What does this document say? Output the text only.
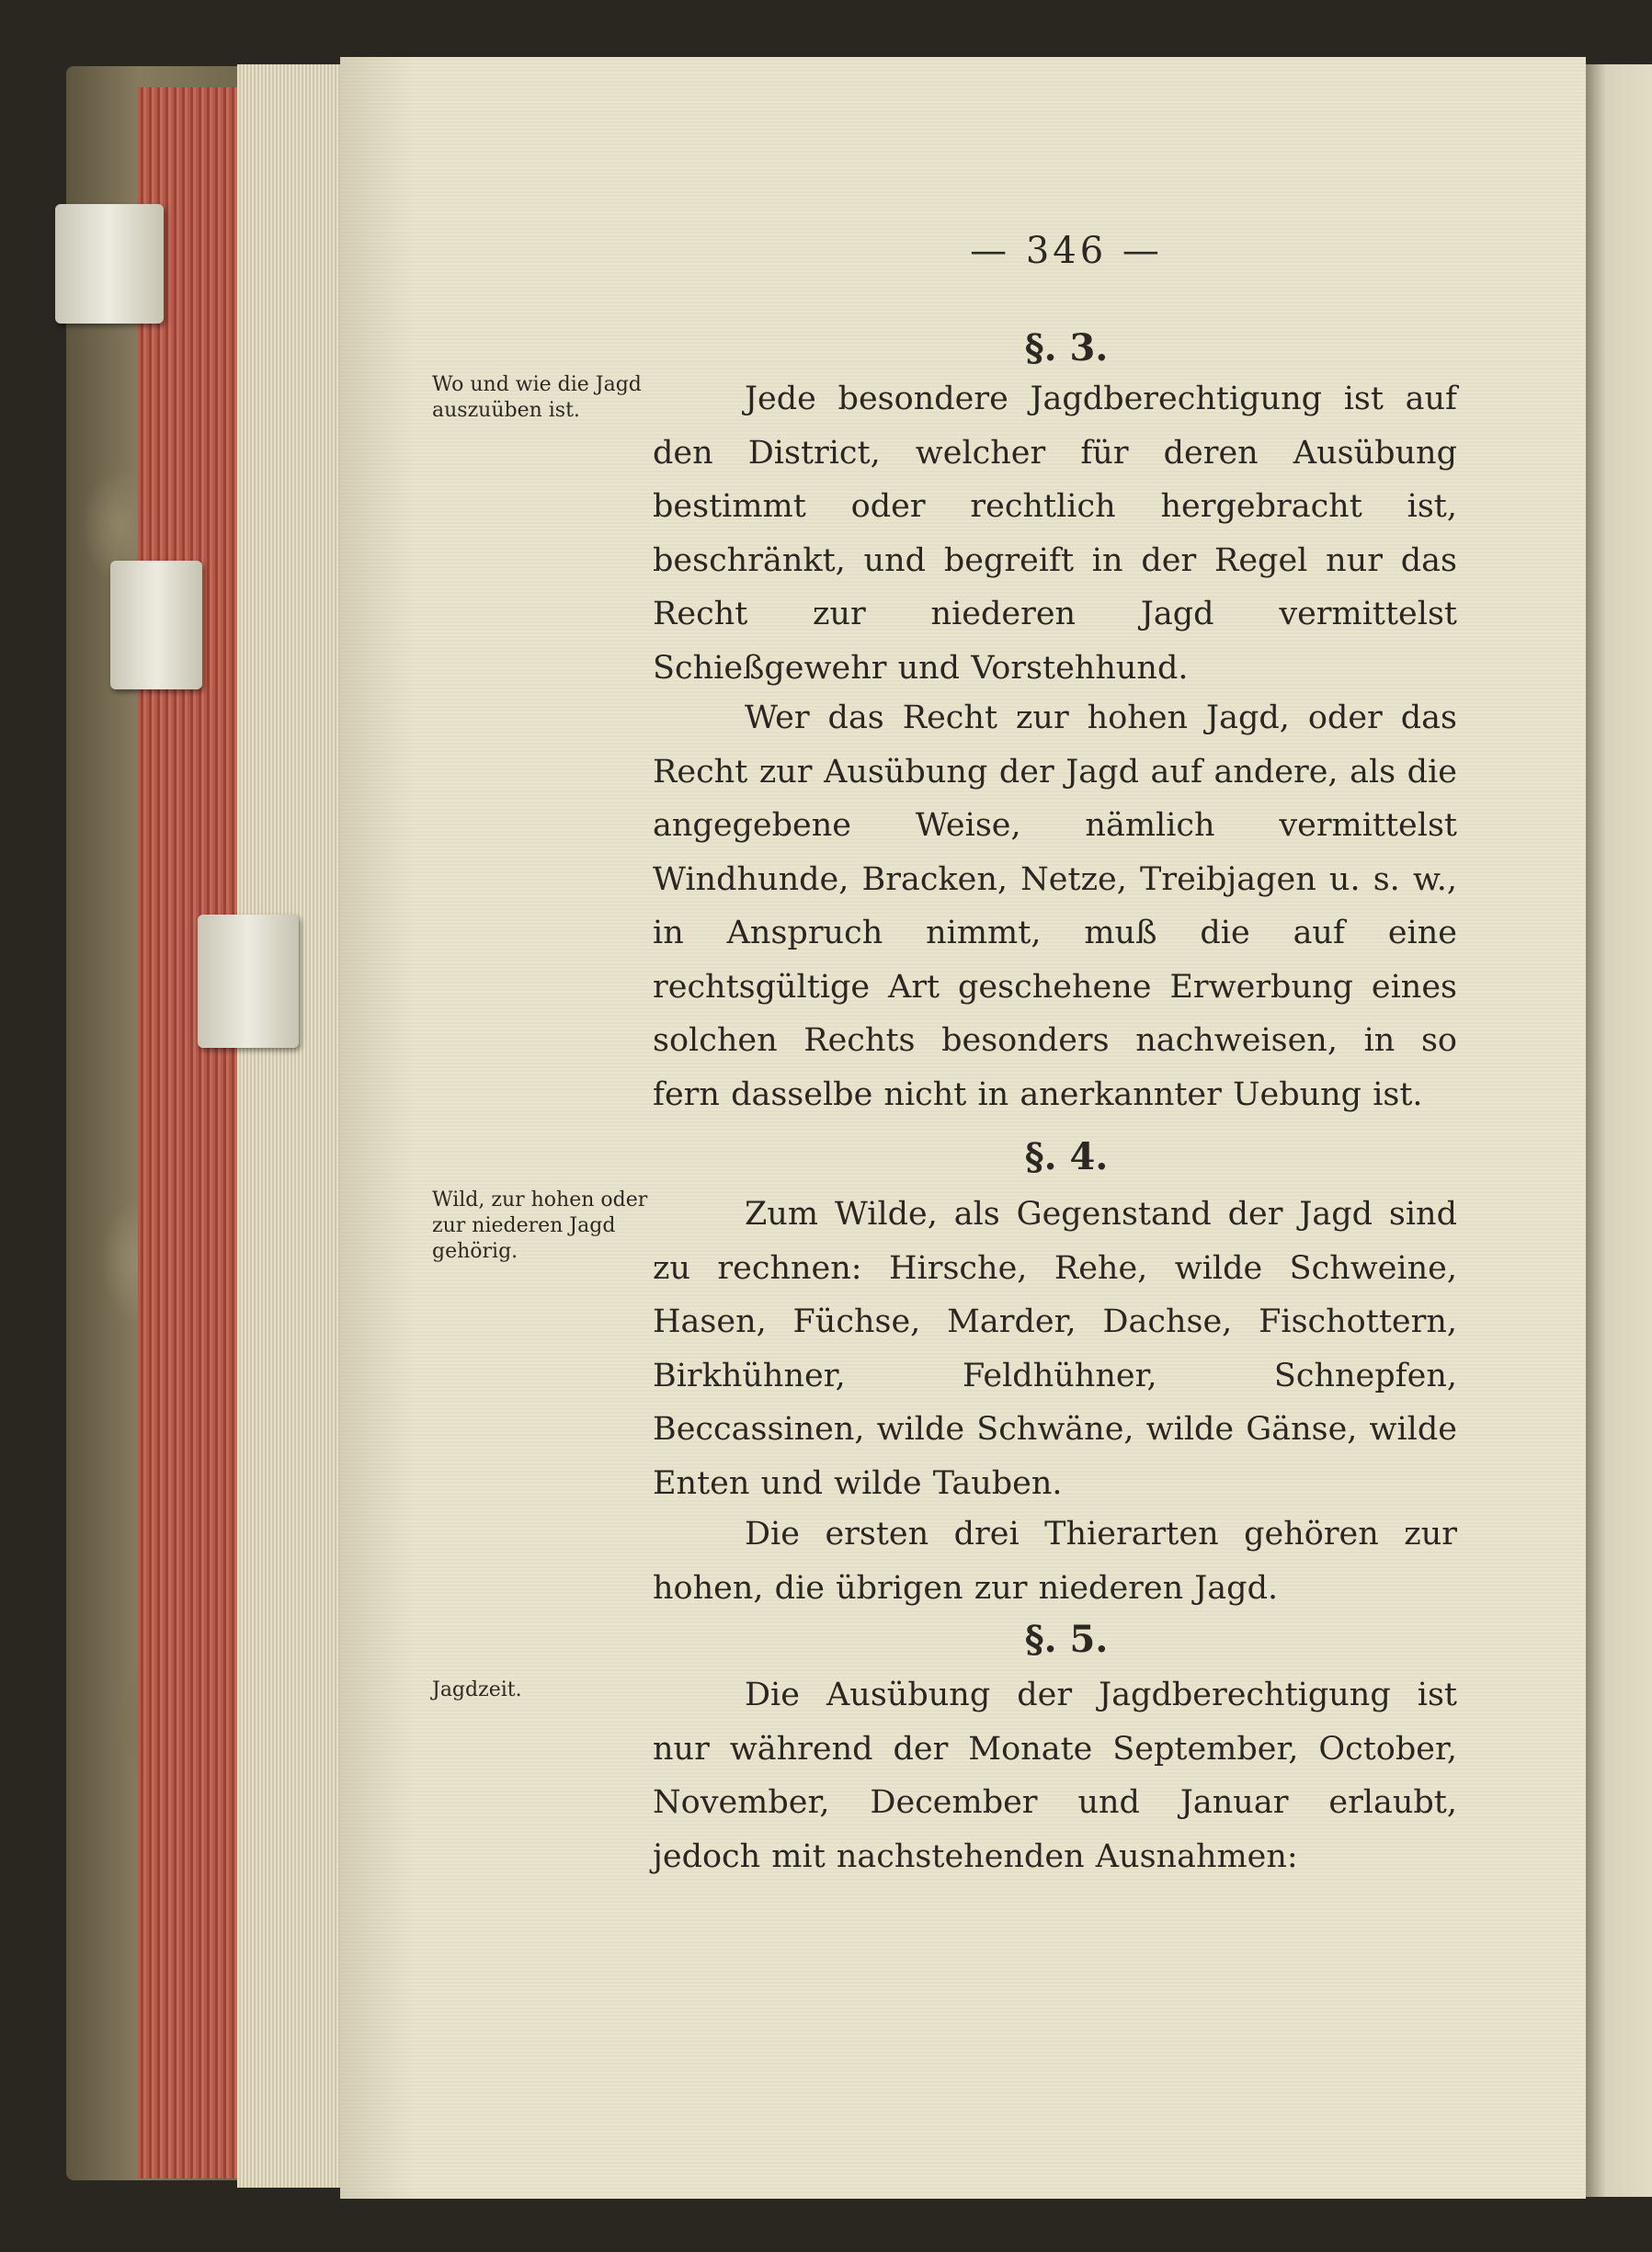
— 346 —
§. 3.
Wo und wie die Jagd auszuüben ist.	Jede besondere Jagdberechtigung ist auf den District, welcher für deren Ausübung bestimmt oder rechtlich hergebracht ist, beschränkt, und begreift in der Regel nur das Recht zur niederen Jagd vermittelst Schießgewehr und Vorstehhund.

Wer das Recht zur hohen Jagd, oder das Recht zur Ausübung der Jagd auf andere, als die angegebene Weise, nämlich vermittelst Windhunde, Bracken, Netze, Treibjagen u. s. w., in Anspruch nimmt, muß die auf eine rechtsgültige Art geschehene Erwerbung eines solchen Rechts besonders nachweisen, in so fern dasselbe nicht in anerkannter Uebung ist.

§. 4.
Wild, zur hohen oder zur niederen Jagd gehörig.

Zum Wilde, als Gegenstand der Jagd sind zu rechnen: Hirsche, Rehe, wilde Schweine, Hasen, Füchse, Marder, Dachse, Fischottern, Birkhühner, Feldhühner, Schnepfen, Beccassinen, wilde Schwäne, wilde Gänse, wilde Enten und wilde Tauben.

Die ersten drei Thierarten gehören zur hohen, die übrigen zur niederen Jagd.

§. 5.
Jagdzeit.	Die Ausübung der Jagdberechtigung ist nur während der Monate September, October, November, December und Januar erlaubt, jedoch mit nachstehenden Ausnahmen:
